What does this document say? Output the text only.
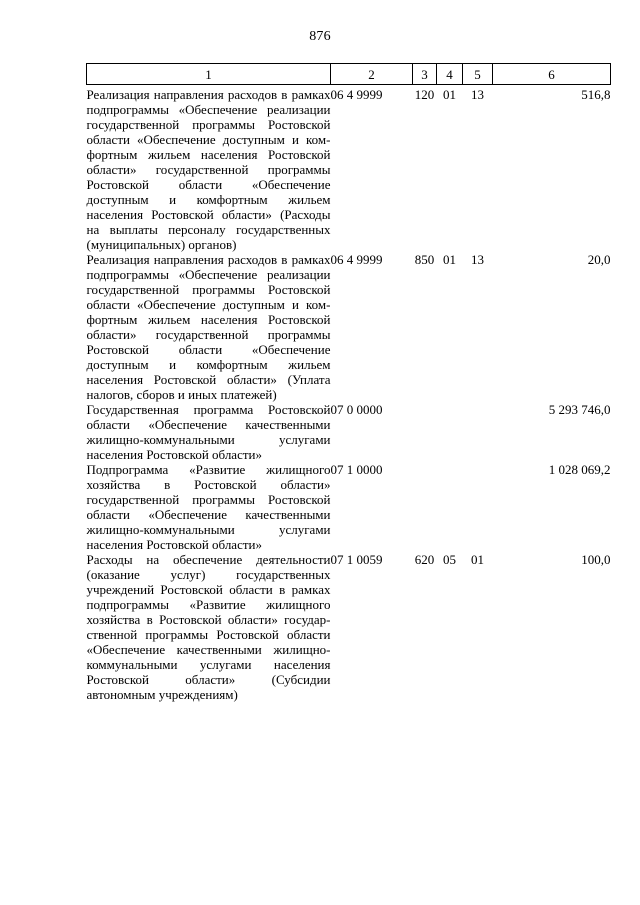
876
1	2	3	4	5	6
Реализация направления расходов в рамках подпрограммы «Обеспечение реализации государственной программы Ростовской области «Обеспечение доступным и комфортным жильем населения Ростовской области» государственной программы Ростовской области «Обеспечение доступным и комфортным жильем населения Ростовской области» (Расходы на выплаты персоналу государственных (муниципальных) органов)	06 4 9999	120	01	13	516,8
Реализация направления расходов в рамках подпрограммы «Обеспечение реализации государственной программы Ростовской области «Обеспечение доступным и комфортным жильем населения Ростовской области» государственной программы Ростовской области «Обеспечение доступным и комфортным жильем населения Ростовской области» (Уплата налогов, сборов и иных платежей)	06 4 9999	850	01	13	20,0
Государственная программа Ростовской области «Обеспечение качественными жилищно-коммунальными услугами населения Ростовской области»	07 0 0000				5 293 746,0
Подпрограмма «Развитие жилищного хозяйства в Ростовской области» государственной программы Ростовской области «Обеспечение качественными жилищно-коммунальными услугами населения Ростовской области»	07 1 0000				1 028 069,2
Расходы на обеспечение деятельности (оказание услуг) государственных учреждений Ростовской области в рамках подпрограммы «Развитие жилищного хозяйства в Ростовской области» государственной программы Ростовской области «Обеспечение качественными жилищно-коммунальными услугами населения Ростовской области» (Субсидии автономным учреждениям)	07 1 0059	620	05	01	100,0
